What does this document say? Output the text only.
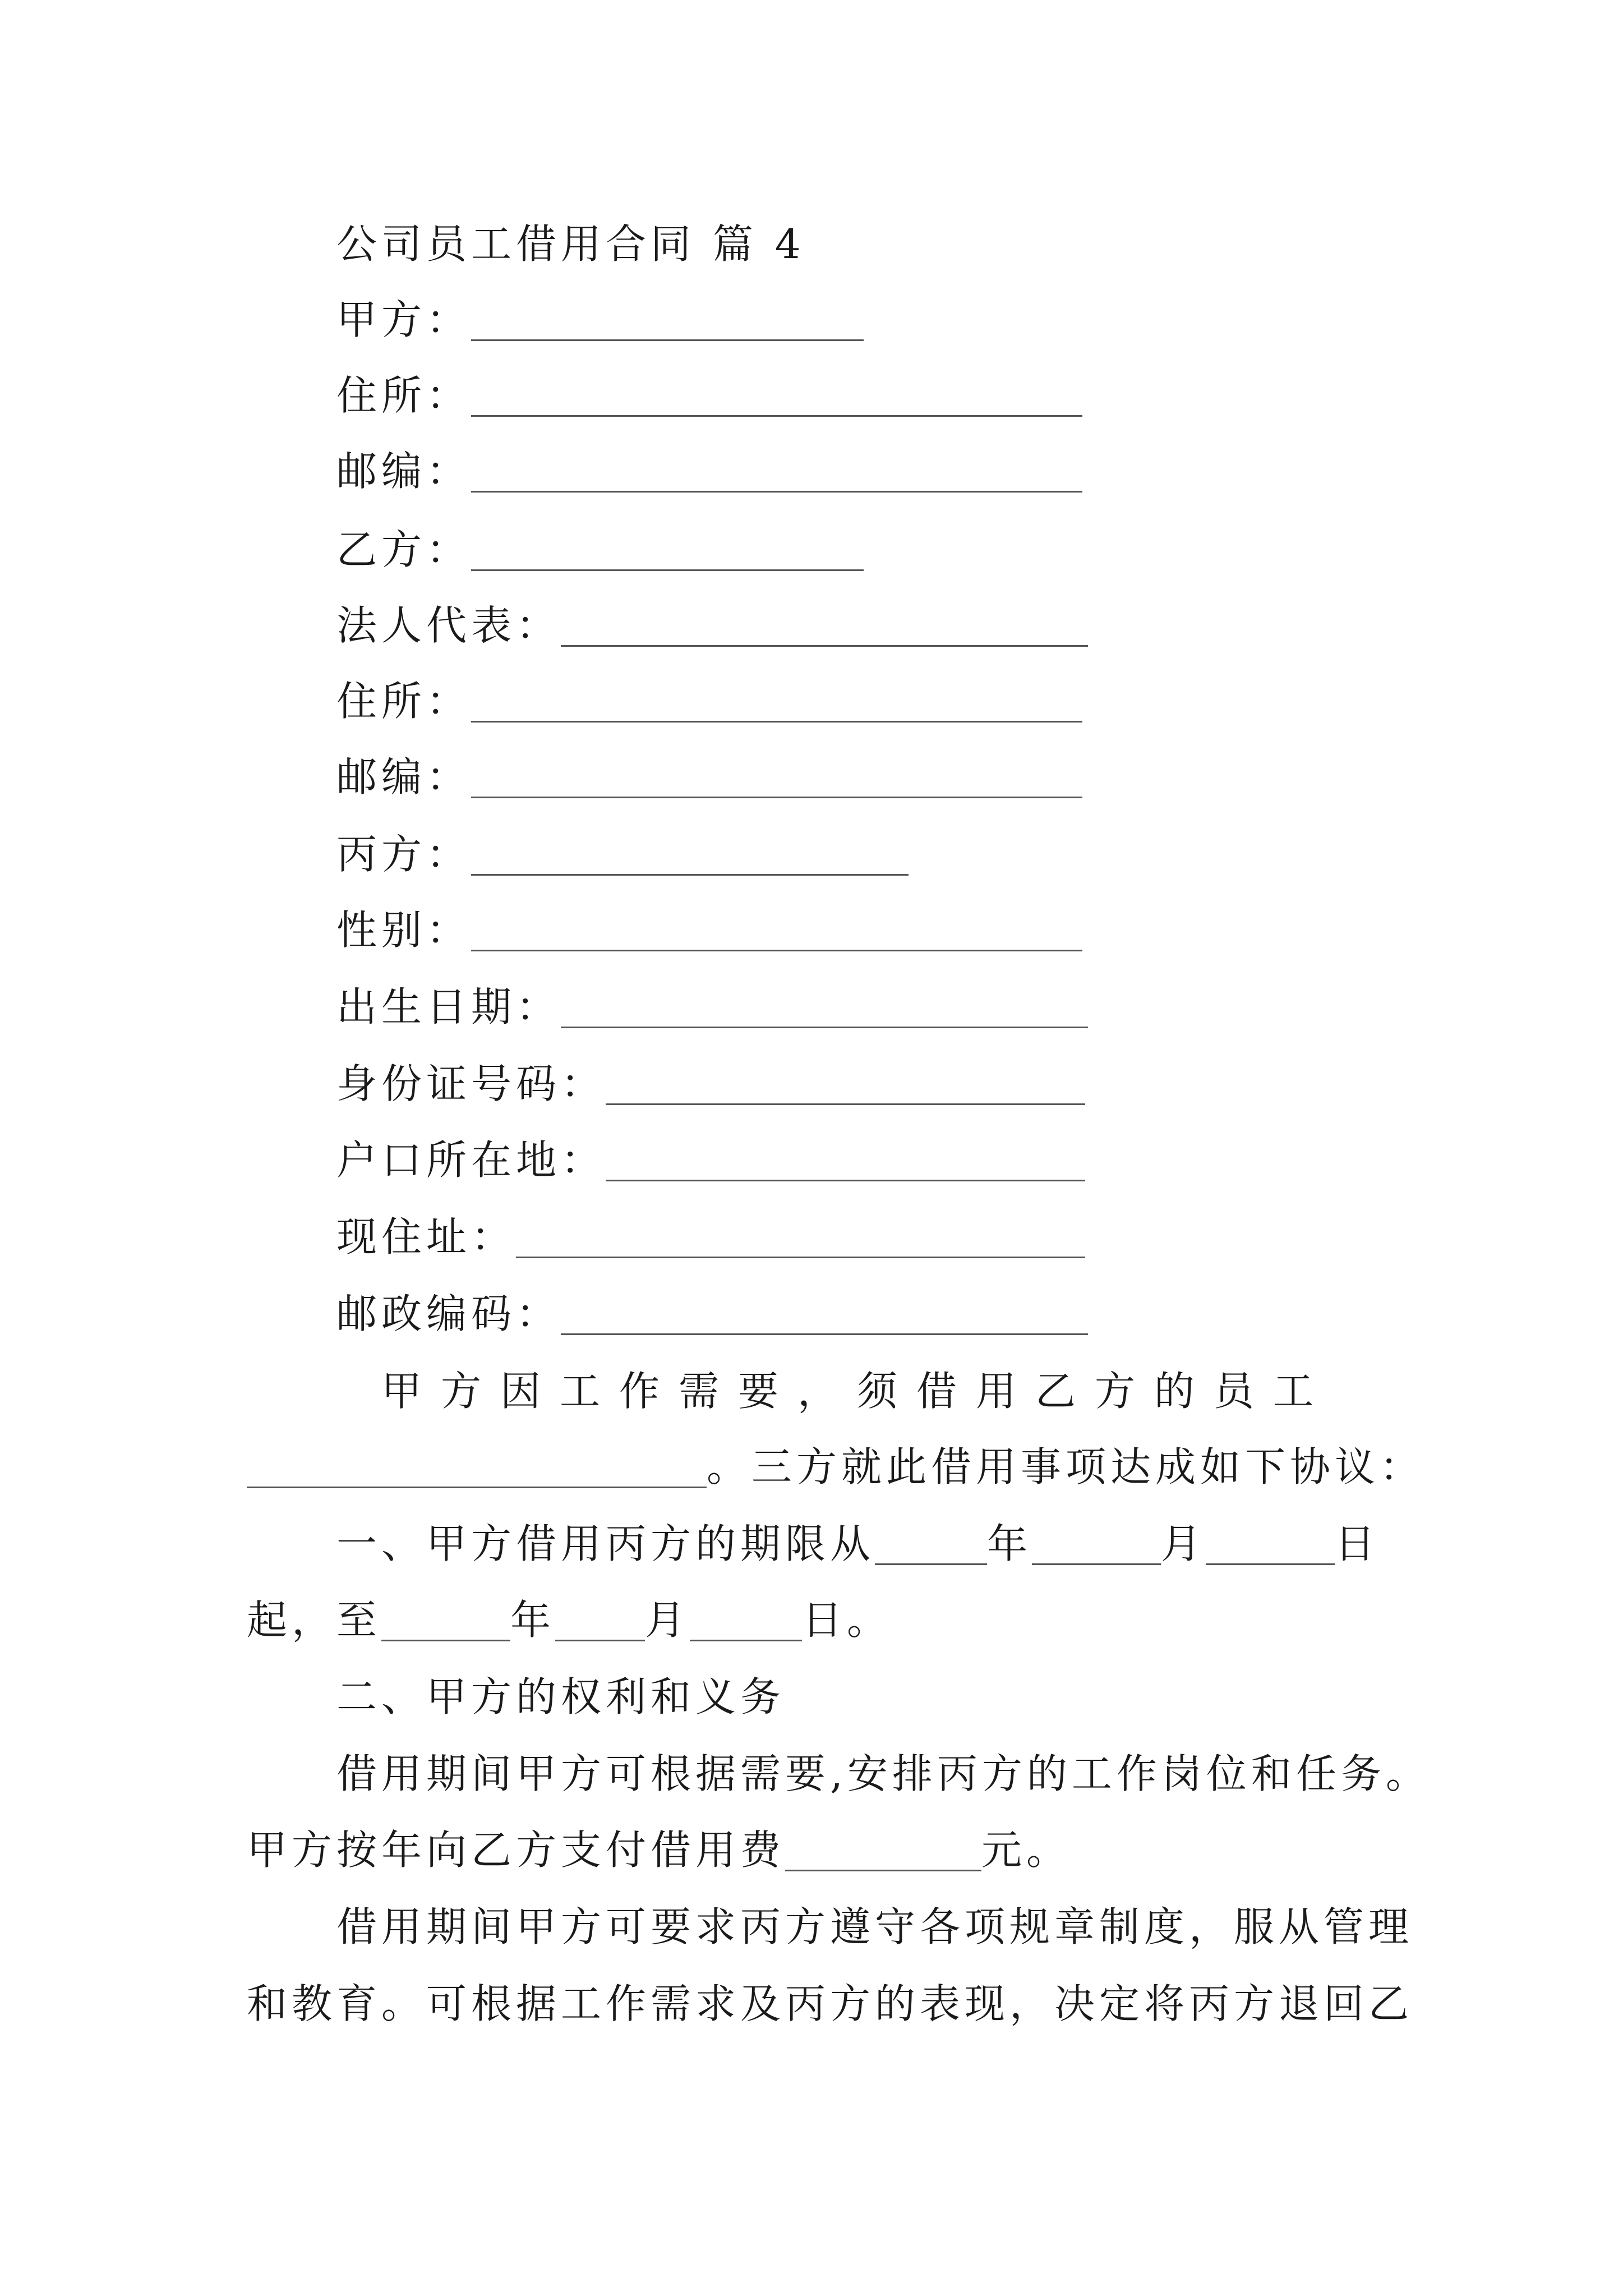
公司员工借用合同 篇 4
甲方：
住所：
邮编：
乙方：
法人代表：
住所：
邮编：
丙方：
性别：
出生日期：
身份证号码：
户口所在地：
现住址：
邮政编码：
甲方因工作需要，须借用乙方的员工
。三方就此借用事项达成如下协议：
一、甲方借用丙方的期限从	年	月	日
起，至	年 月	日。
二、甲方的权利和义务
借用期间甲方可根据需要,安排丙方的工作岗位和任务。
甲方按年向乙方支付借用费	元。
借用期间甲方可要求丙方遵守各项规章制度，服从管理
和教育。可根据工作需求及丙方的表现，决定将丙方退回乙
